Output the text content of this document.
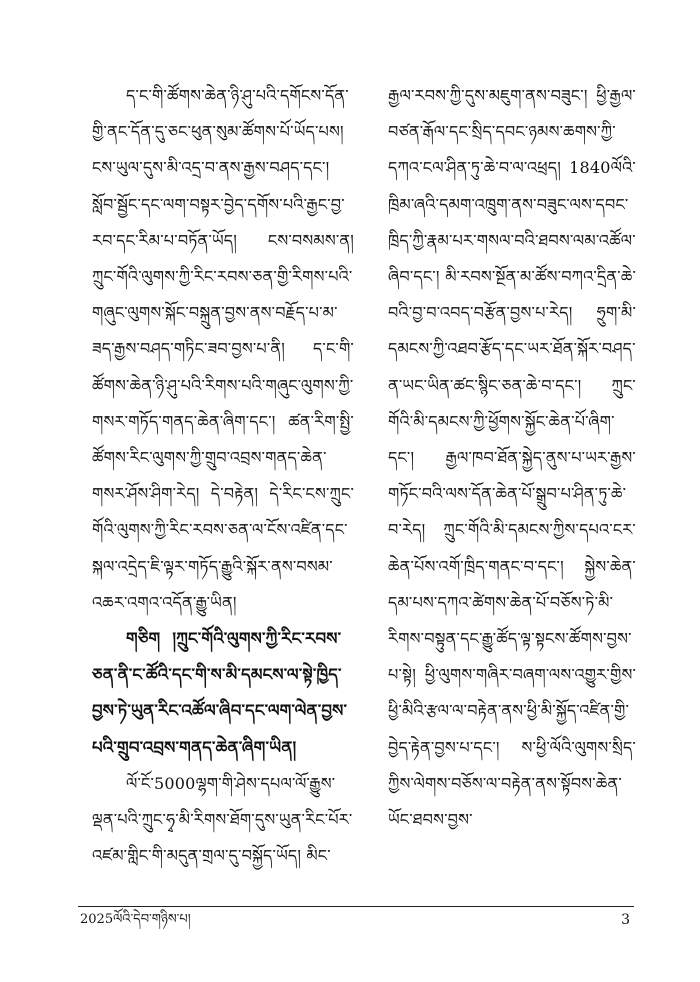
ད་ང་གི་ཚོགས་ཆེན་ཉི་ཤུ་པའི་དགོངས་དོན་གྱི་ནང་དོན་དུ་ཅང་ཕུན་སུམ་ཚོགས་པོ་ཡོད་པས། ངས་ཡུལ་དུས་མི་འདྲ་བ་ནས་རྒྱས་བཤད་དང་། སློབ་སྦྱོང་དང་ལག་བསྟར་བྱེད་དགོས་པའི་རྒྱང་བྱ་རབ་དང་རིམ་པ་བཏོན་ཡོད། ངས་བསམས་ན། ཀྲུང་གོའི་ལུགས་ཀྱི་རིང་རབས་ཅན་གྱི་རིགས་པའི་གཞུང་ལུགས་སྐོང་བསྐྲུན་བྱས་ནས་བརྗོད་པ་མ་ཟད་རྒྱས་བཤད་གཏིང་ཟབ་བྱས་པ་ནི། ད་ང་གི་ཚོགས་ཆེན་ཉི་ཤུ་པའི་རིགས་པའི་གཞུང་ལུགས་ཀྱི་གསར་གཏོད་གནད་ཆེན་ཞིག་དང་། ཚན་རིག་སྤྱི་ཚོགས་རིང་ལུགས་ཀྱི་གྲུབ་འབྲས་གནད་ཆེན་གསར་ཤོས་ཤིག་རེད། དེ་བརྟེན། དེ་རིང་ངས་ཀྲུང་གོའི་ལུགས་ཀྱི་རིང་རབས་ཅན་ལ་ངོས་འཛིན་དང་སྐལ་འདྲེད་ཇི་ལྟར་གཏོད་རྒྱུའི་སྐོར་ནས་བསམ་འཆར་འགའ་འདོན་རྒྱུ་ཡིན།

གཅིག །ཀྲུང་གོའི་ལུགས་ཀྱི་རིང་རབས་ཅན་ནི་ང་ཚོའི་དང་གི་ས་མི་དམངས་ལ་སྟེ་ཁྱིད་བྱས་ཏེ་ཡུན་རིང་འཚོལ་ཞིབ་དང་ལག་ལེན་བྱས་པའི་གྲུབ་འབྲས་གནད་ཆེན་ཞིག་ཡིན།

ལོ་ངོ་5000ལྷག་གི་ཤེས་དཔལ་ལོ་རྒྱུས་ལྡན་པའི་ཀྲུང་ཧྭ་མི་རིགས་ཐོག་དུས་ཡུན་རིང་པོར་འཛམ་གླིང་གི་མདུན་གྲལ་དུ་བསྐྱོད་ཡོད། མིང་

རྒྱལ་རབས་ཀྱི་དུས་མཇུག་ནས་བཟུང་། ཕྱི་རྒྱལ་བཙན་རྒོལ་དང་སྲིད་དབང་ཉམས་ཆགས་ཀྱི་དཀའ་ངལ་ཤིན་ཏུ་ཆེ་བ་ལ་འཕྲད། 1840ལོའི་ཁྲིམ་ཞའི་དམག་འཁྲུག་ནས་བཟུང་ལས་དབང་ཁྲིད་ཀྱི་རྣམ་པར་གསལ་བའི་ཐབས་ལམ་འཚོལ་ཞིབ་དང་། མི་རབས་སྔོན་མ་ཚོས་བཀའ་དྲིན་ཆེ་བའི་བྱ་བ་འབད་བརྩོན་བྱས་པ་རེད། ཧྲུག་མི་དམངས་ཀྱི་འཐབ་རྩོད་དང་ཡར་ཐོན་སྐོར་བཤད་ན་ཡང་ཡིན་ཚང་སྙིང་ཅན་ཆེ་བ་དང་། ཀྲུང་གོའི་མི་དམངས་ཀྱི་ཕྱོགས་སྐྱོང་ཆེན་པོ་ཞིག་དང་། རྒྱལ་ཁབ་ཐོན་སྐྱེད་ནུས་པ་ཡར་རྒྱས་གཏོང་བའི་ལས་དོན་ཆེན་པོ་སྒྲུབ་པ་ཤིན་ཏུ་ཆེ་བ་རེད། ཀྲུང་གོའི་མི་དམངས་ཀྱིས་དཔའ་ངར་ཆེན་པོས་འགོ་ཁྲིད་གནང་བ་དང་། སྐྱེས་ཆེན་དམ་པས་དཀའ་ཚེགས་ཆེན་པོ་བཅོས་ཏེ་མི་རིགས་བསྟུན་དང་རྒྱུ་ཚོད་ལྟ་སྟངས་ཚོགས་བྱས་པ་སྟེ། ཕྱི་ལུགས་གཞིར་བཞག་ལས་འགྱུར་གྱིས་ཕྱི་མིའི་རྩལ་ལ་བརྟེན་ནས་ཕྱི་མི་སྐྱོད་འཛིན་གྱི་བྱེད་རྟེན་བྱས་པ་དང་། ས་ཕྱི་ལོའི་ལུགས་སྲིད་ཀྱིས་ལེགས་བཅོས་ལ་བརྟེན་ནས་སྟོབས་ཆེན་ཡོང་ཐབས་བྱས་

2025ལོའི་དེབ་གཉིས་པ།	3
